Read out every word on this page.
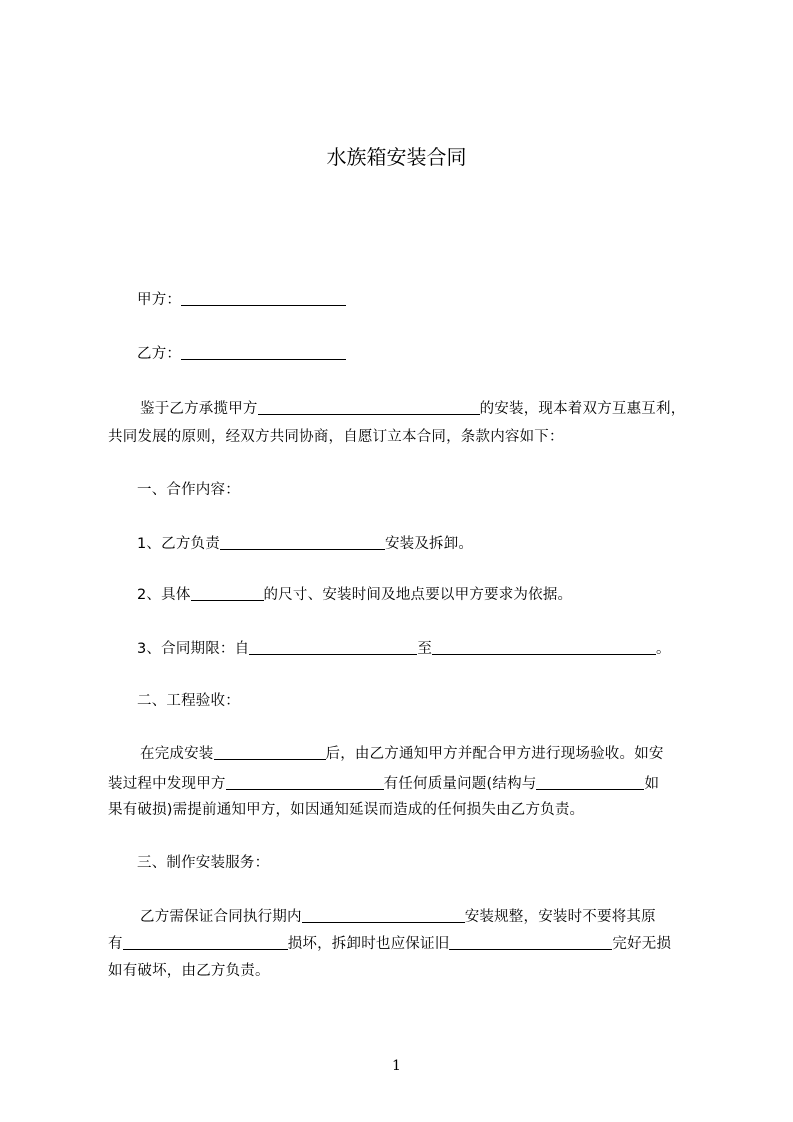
水族箱安装合同
甲方：
乙方：
鉴于乙方承揽甲方	的安装，现本着双方互惠互利，
共同发展的原则，经双方共同协商，自愿订立本合同，条款内容如下：
一、合作内容：
1、乙方负责	安装及拆卸。
2、具体	的尺寸、安装时间及地点要以甲方要求为依据。
3、合同期限：自	至	。
二、工程验收：
在完成安装	后，由乙方通知甲方并配合甲方进行现场验收。如安
装过程中发现甲方	有任何质量问题(结构与	如
果有破损)需提前通知甲方，如因通知延误而造成的任何损失由乙方负责。
三、制作安装服务：
乙方需保证合同执行期内	安装规整，安装时不要将其原
有	损坏，拆卸时也应保证旧	完好无损
如有破坏，由乙方负责。
1
